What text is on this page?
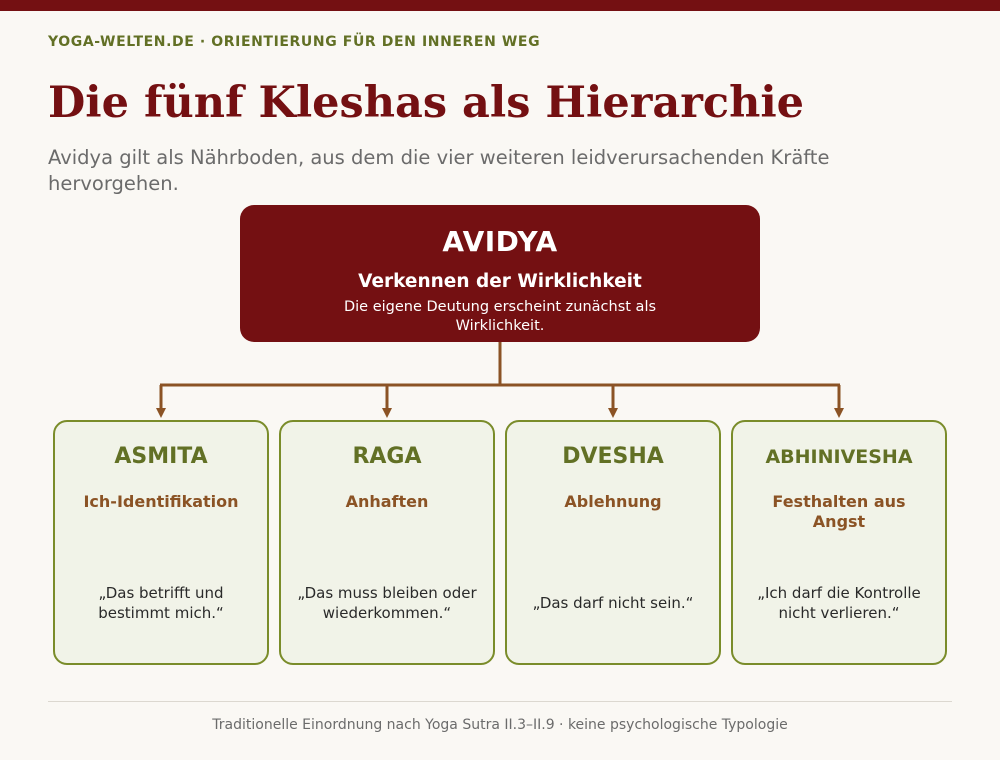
YOGA-WELTEN.DE · ORIENTIERUNG FÜR DEN INNEREN WEG
Die fünf Kleshas als Hierarchie

Avidya gilt als Nährboden, aus dem die vier weiteren leidverursachenden Kräfte hervorgehen.

AVIDYA
Verkennen der Wirklichkeit
Die eigene Deutung erscheint zunächst als Wirklichkeit.
ASMITA
Ich-Identifikation
„Das betrifft und bestimmt mich.“
RAGA
Anhaften
„Das muss bleiben oder wiederkommen.“
DVESHA
Ablehnung
„Das darf nicht sein.“
ABHINIVESHA
Festhalten aus Angst
„Ich darf die Kontrolle nicht verlieren.“
Traditionelle Einordnung nach Yoga Sutra II.3–II.9 · keine psychologische Typologie
